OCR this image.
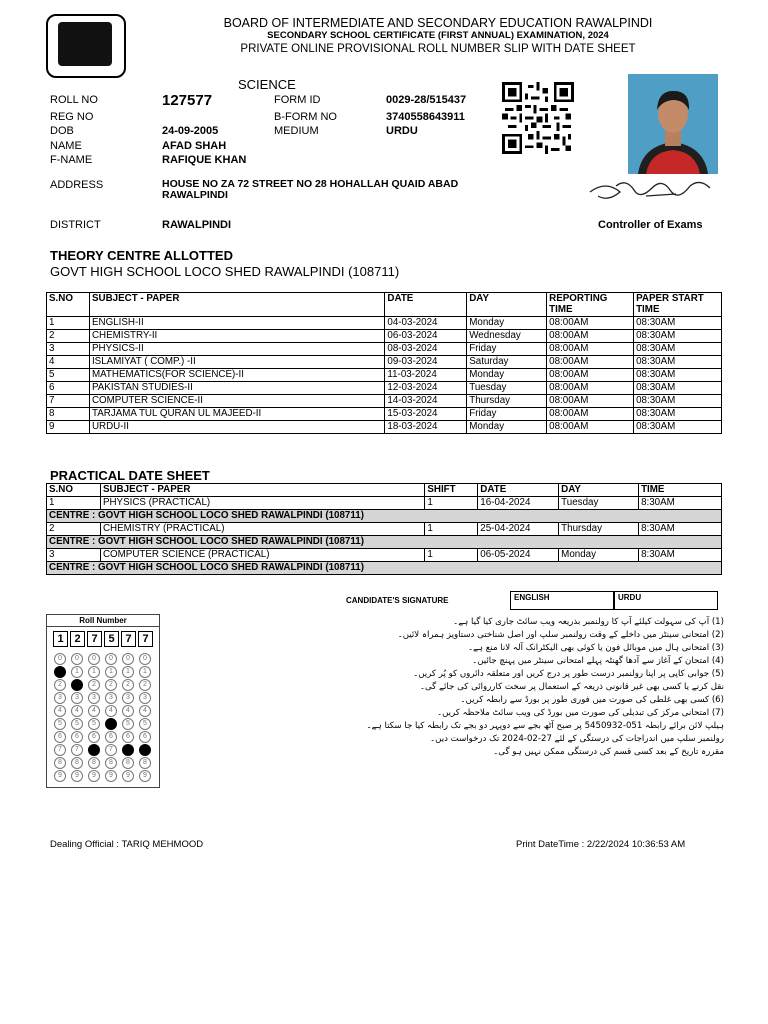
BOARD OF INTERMEDIATE AND SECONDARY EDUCATION RAWALPINDI
SECONDARY SCHOOL CERTIFICATE (FIRST ANNUAL) EXAMINATION, 2024
PRIVATE ONLINE PROVISIONAL ROLL NUMBER SLIP WITH DATE SHEET
SCIENCE
ROLL NO	127577
REG NO
DOB	24-09-2005
NAME	AFAD SHAH
F-NAME	RAFIQUE KHAN
FORM ID	0029-28/515437
B-FORM NO	3740558643911
MEDIUM	URDU
ADDRESS	HOUSE NO ZA 72 STREET NO 28 HOHALLAH QUAID ABAD RAWALPINDI
DISTRICT	RAWALPINDI	Controller of Exams
THEORY CENTRE ALLOTTED
GOVT HIGH SCHOOL LOCO SHED RAWALPINDI (108711)
S.NO	SUBJECT - PAPER	DATE	DAY	REPORTING TIME	PAPER START TIME
1	ENGLISH-II	04-03-2024	Monday	08:00AM	08:30AM
2	CHEMISTRY-II	06-03-2024	Wednesday	08:00AM	08:30AM
3	PHYSICS-II	08-03-2024	Friday	08:00AM	08:30AM
4	ISLAMIYAT ( COMP.) -II	09-03-2024	Saturday	08:00AM	08:30AM
5	MATHEMATICS(FOR SCIENCE)-II	11-03-2024	Monday	08:00AM	08:30AM
6	PAKISTAN STUDIES-II	12-03-2024	Tuesday	08:00AM	08:30AM
7	COMPUTER SCIENCE-II	14-03-2024	Thursday	08:00AM	08:30AM
8	TARJAMA TUL QURAN UL MAJEED-II	15-03-2024	Friday	08:00AM	08:30AM
9	URDU-II	18-03-2024	Monday	08:00AM	08:30AM
PRACTICAL DATE SHEET
S.NO	SUBJECT - PAPER	SHIFT	DATE	DAY	TIME
1	PHYSICS (PRACTICAL)	1	16-04-2024	Tuesday	8:30AM
CENTRE : GOVT HIGH SCHOOL LOCO SHED RAWALPINDI (108711)					
2	CHEMISTRY (PRACTICAL)	1	25-04-2024	Thursday	8:30AM
CENTRE : GOVT HIGH SCHOOL LOCO SHED RAWALPINDI (108711)					
3	COMPUTER SCIENCE (PRACTICAL)	1	06-05-2024	Monday	8:30AM
CENTRE : GOVT HIGH SCHOOL LOCO SHED RAWALPINDI (108711)					
Roll Number
1
0
2
3
4
5
6
7
8
9
2
0
1
3
4
5
6
7
8
9
7
0
1
2
3
4
5
6
8
9
5
0
1
2
3
4
6
7
8
9
7
0
1
2
3
4
5
6
8
9
7
0
1
2
3
4
5
6
8
9
CANDIDATE'S SIGNATURE	ENGLISH	URDU
(1) آپ کی سہولت کیلئے آپ کا رولنمبر بذریعہ ویب سائٹ جاری کیا گیا ہے۔
(2) امتحانی سینٹر میں داخلے کے وقت رولنمبر سلپ اور اصل شناختی دستاویز ہمراہ لائیں۔
(3) امتحانی ہال میں موبائل فون یا کوئی بھی الیکٹرانک آلہ لانا منع ہے۔
(4) امتحان کے آغاز سے آدھا گھنٹہ پہلے امتحانی سینٹر میں پہنچ جائیں۔
(5) جوابی کاپی پر اپنا رولنمبر درست طور پر درج کریں اور متعلقہ دائروں کو پُر کریں۔
نقل کرنے یا کسی بھی غیر قانونی ذریعہ کے استعمال پر سخت کارروائی کی جائے گی۔
(6) کسی بھی غلطی کی صورت میں فوری طور پر بورڈ سے رابطہ کریں۔
(7) امتحانی مرکز کی تبدیلی کی صورت میں بورڈ کی ویب سائٹ ملاحظہ کریں۔
ہیلپ لائن برائے رابطہ 051-5450932 پر صبح آٹھ بجے سے دوپہر دو بجے تک رابطہ کیا جا سکتا ہے۔
رولنمبر سلپ میں اندراجات کی درستگی کے لئے 27-02-2024 تک درخواست دیں۔
مقررہ تاریخ کے بعد کسی قسم کی درستگی ممکن نہیں ہو گی۔
Dealing Official : TARIQ MEHMOOD	Print DateTime : 2/22/2024 10:36:53 AM
